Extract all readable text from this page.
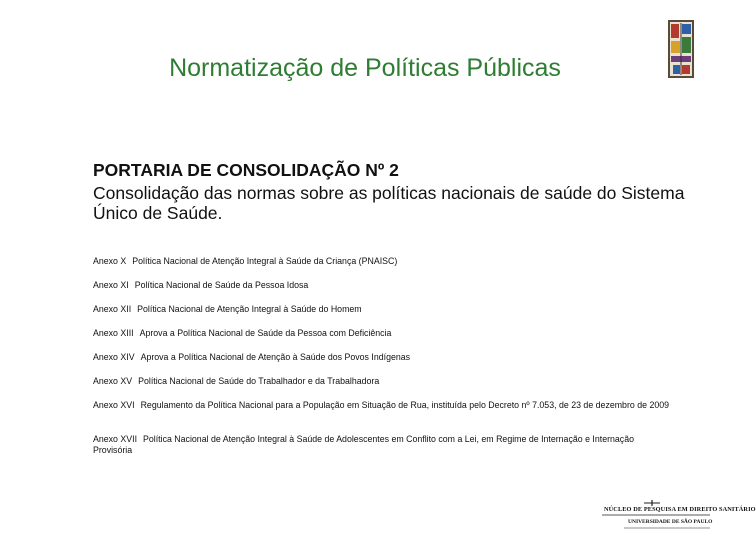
Normatização de Políticas Públicas
PORTARIA DE CONSOLIDAÇÃO Nº 2
Consolidação das normas sobre as políticas nacionais de saúde do Sistema Único de Saúde.
Anexo X Política Nacional de Atenção Integral à Saúde da Criança (PNAISC)
Anexo XI Política Nacional de Saúde da Pessoa Idosa
Anexo XII Política Nacional de Atenção Integral à Saúde do Homem
Anexo XIII Aprova a Política Nacional de Saúde da Pessoa com Deficiência
Anexo XIV Aprova a Política Nacional de Atenção à Saúde dos Povos Indígenas
Anexo XV Política Nacional de Saúde do Trabalhador e da Trabalhadora
Anexo XVI Regulamento da Política Nacional para a População em Situação de Rua, instituída pelo Decreto nº 7.053, de 23 de dezembro de 2009
Anexo XVII Política Nacional de Atenção Integral à Saúde de Adolescentes em Conflito com a Lei, em Regime de Internação e Internação Provisória
NÚCLEO DE PESQUISA EM DIREITO SANITÁRIO
UNIVERSIDADE DE SÃO PAULO
